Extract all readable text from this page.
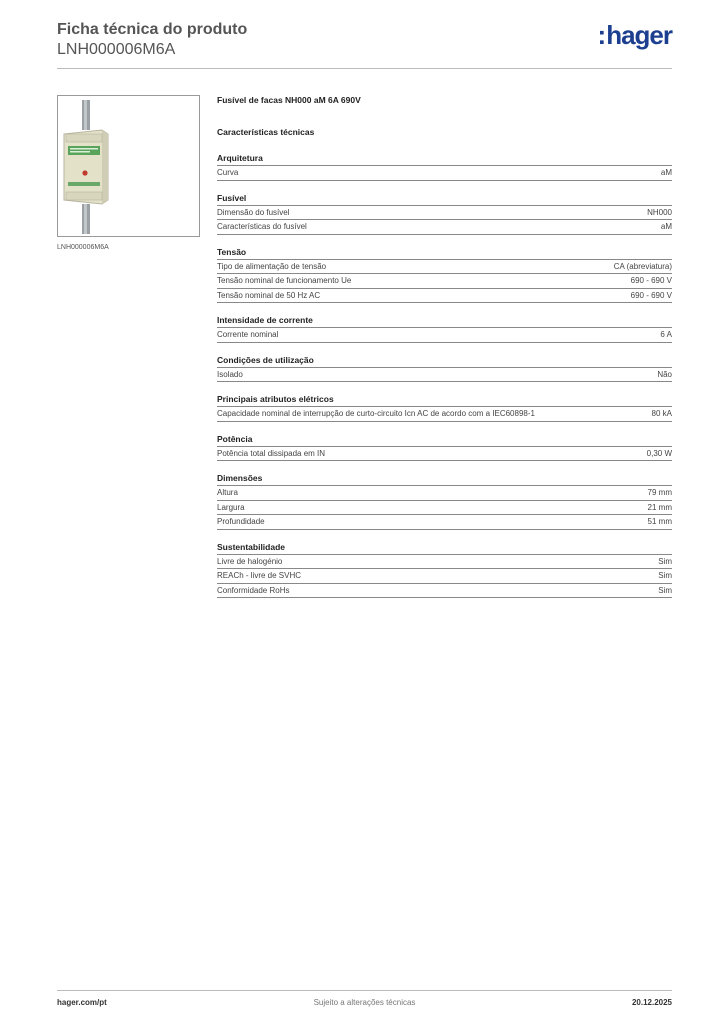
Ficha técnica do produto
LNH000006M6A	:hager
LNH000006M6A
Fusível de facas NH000 aM 6A 690V
Características técnicas
Arquitetura
Curva	aM
Fusível
Dimensão do fusível	NH000
Características do fusível	aM
Tensão
Tipo de alimentação de tensão	CA (abreviatura)
Tensão nominal de funcionamento Ue	690 - 690 V
Tensão nominal de 50 Hz AC	690 - 690 V
Intensidade de corrente
Corrente nominal	6 A
Condições de utilização
Isolado	Não
Principais atributos elétricos
Capacidade nominal de interrupção de curto-circuito Icn AC de acordo com a IEC60898-1	80 kA
Potência
Potência total dissipada em IN	0,30 W
Dimensões
Altura	79 mm
Largura	21 mm
Profundidade	51 mm
Sustentabilidade
Livre de halogénio	Sim
REACh - livre de SVHC	Sim
Conformidade RoHs	Sim
hager.com/pt	Sujeito a alterações técnicas	20.12.2025
